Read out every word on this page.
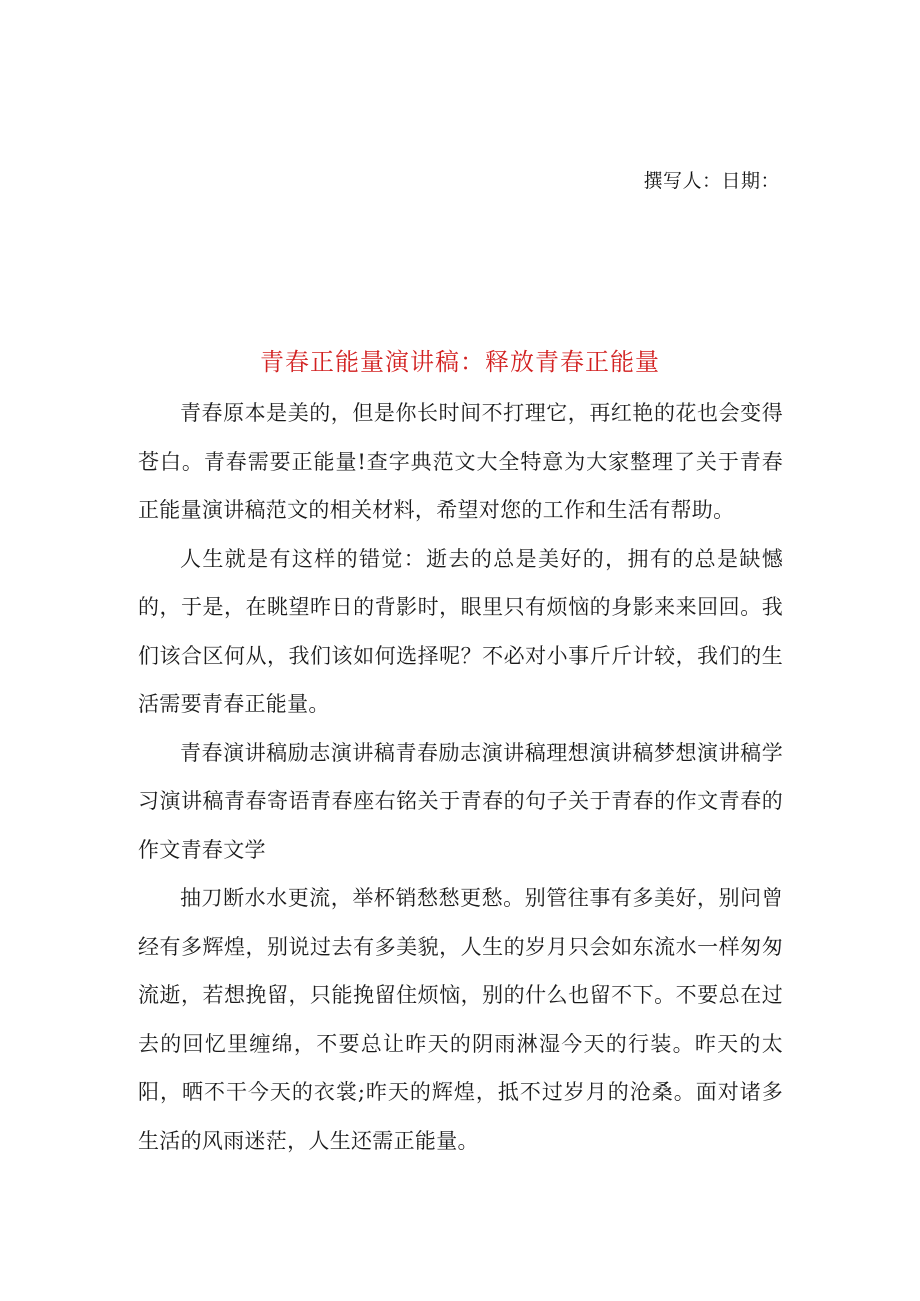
撰写人：日期：
青春正能量演讲稿：释放青春正能量

青春原本是美的，但是你长时间不打理它，再红艳的花也会变得苍白。青春需要正能量!查字典范文大全特意为大家整理了关于青春正能量演讲稿范文的相关材料，希望对您的工作和生活有帮助。

人生就是有这样的错觉：逝去的总是美好的，拥有的总是缺憾的，于是，在眺望昨日的背影时，眼里只有烦恼的身影来来回回。我们该合区何从，我们该如何选择呢？不必对小事斤斤计较，我们的生活需要青春正能量。

青春演讲稿励志演讲稿青春励志演讲稿理想演讲稿梦想演讲稿学习演讲稿青春寄语青春座右铭关于青春的句子关于青春的作文青春的作文青春文学

抽刀断水水更流，举杯销愁愁更愁。别管往事有多美好，别问曾经有多辉煌，别说过去有多美貌，人生的岁月只会如东流水一样匆匆流逝，若想挽留，只能挽留住烦恼，别的什么也留不下。不要总在过去的回忆里缠绵，不要总让昨天的阴雨淋湿今天的行装。昨天的太阳，晒不干今天的衣裳;昨天的辉煌，抵不过岁月的沧桑。面对诸多生活的风雨迷茫，人生还需正能量。
